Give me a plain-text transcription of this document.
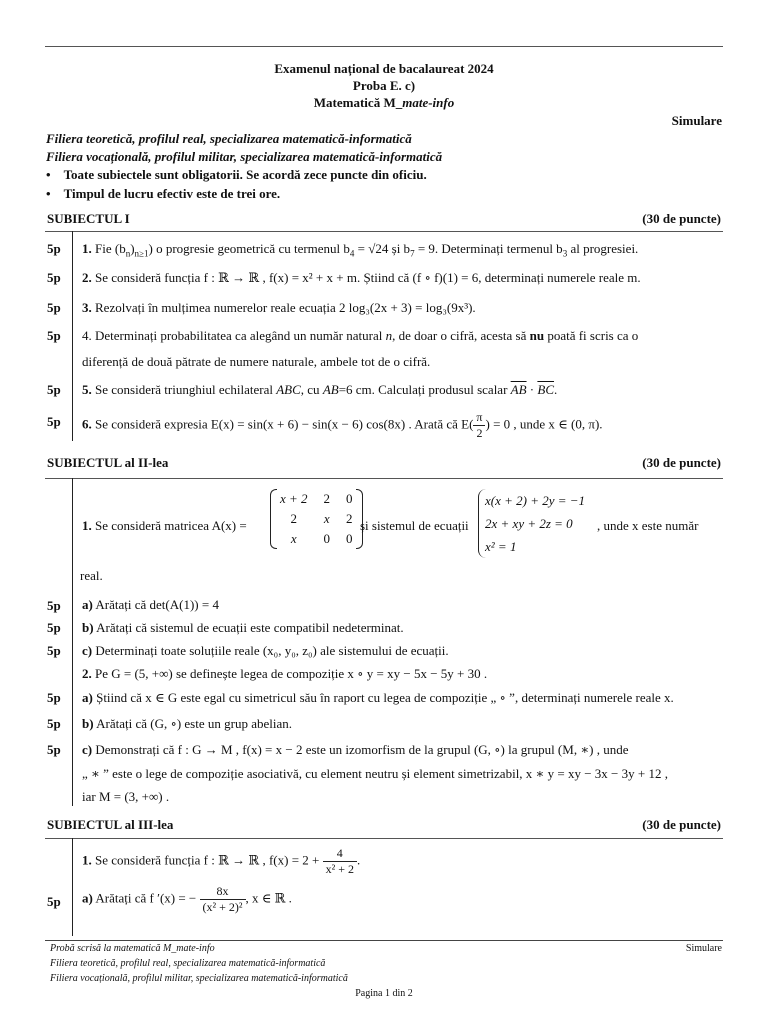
Examenul național de bacalaureat 2024
Proba E. c)
Matematică M_mate-info
Simulare
Filiera teoretică, profilul real, specializarea matematică-informatică
Filiera vocațională, profilul militar, specializarea matematică-informatică
•    Toate subiectele sunt obligatorii. Se acordă zece puncte din oficiu.
•    Timpul de lucru efectiv este de trei ore.
SUBIECTUL I	(30 de puncte)
5p 1. Fie $(b_n)_{n\ge 1}$) o progresie geometrică cu termenul $b_4 = √24$ și $b_7 = 9$. Determinați termenul $b_3$ al progresiei.
5p 2. Se consideră funcția f : ℝ → ℝ , f(x) = x² + x + m. Știind că (f ∘ f)(1) = 6, determinați numerele reale m.
5p 3. Rezolvați în mulțimea numerelor reale ecuația 2 log₃(2x + 3) = log₃(9x³).
5p 4. Determinați probabilitatea ca alegând un număr natural n, de doar o cifră, acesta să nu poată fi scris ca o
diferență de două pătrate de numere naturale, ambele tot de o cifră.
5p 5. Se consideră triunghiul echilateral ABC, cu AB=6 cm. Calculați produsul scalar $\overline{AB} \cdot \overline{BC}$.
5p 6. Se consideră expresia E(x) = sin(x + 6) − sin(x − 6) cos(8x) . Arată că $E( \frac{\pi}{2}$ ) = 0 , unde x ∈ (0, π).
SUBIECTUL al II-lea	(30 de puncte)
1. Se consideră matricea A(x) =
x + 2	2	0
2	x	2
x	0	0
și sistemul de ecuații
x(x + 2) + 2y = −1
2x + xy + 2z = 0
x² = 1
, unde x este număr
real.
5p a) Arătați că det(A(1)) = 4
5p b) Arătați că sistemul de ecuații este compatibil nedeterminat.
5p c) Determinați toate soluțiile reale (x₀, y₀, z₀) ale sistemului de ecuații.
2. Pe G = (5, +∞) se definește legea de compoziție x ∘ y = xy − 5x − 5y + 30 .
5p a) Știind că x ∈ G este egal cu simetricul său în raport cu legea de compoziție „ ∘ ”, determinați numerele reale x.
5p b) Arătați că (G, ∘) este un grup abelian.
5p c) Demonstrați că f : G → M , f(x) = x − 2 este un izomorfism de la grupul (G, ∘) la grupul (M, ∗) , unde
„ ∗ ” este o lege de compoziție asociativă, cu element neutru și element simetrizabil, x ∗ y = xy − 3x − 3y + 12 ,
iar M = (3, +∞) .
SUBIECTUL al III-lea	(30 de puncte)
1. Se consideră funcția f : ℝ → ℝ , $f(x) = 2 + \frac{4}{\text{x² + 2}}$ .
5p a) Arătați că f ′(x) = − $\frac{8x}{\text{(x² + 2)²}}$ , x ∈ ℝ .
Probă scrisă la matematică M_mate-info	Simulare
Filiera teoretică, profilul real, specializarea matematică-informatică
Filiera vocațională, profilul militar, specializarea matematică-informatică
Pagina 1 din 2
